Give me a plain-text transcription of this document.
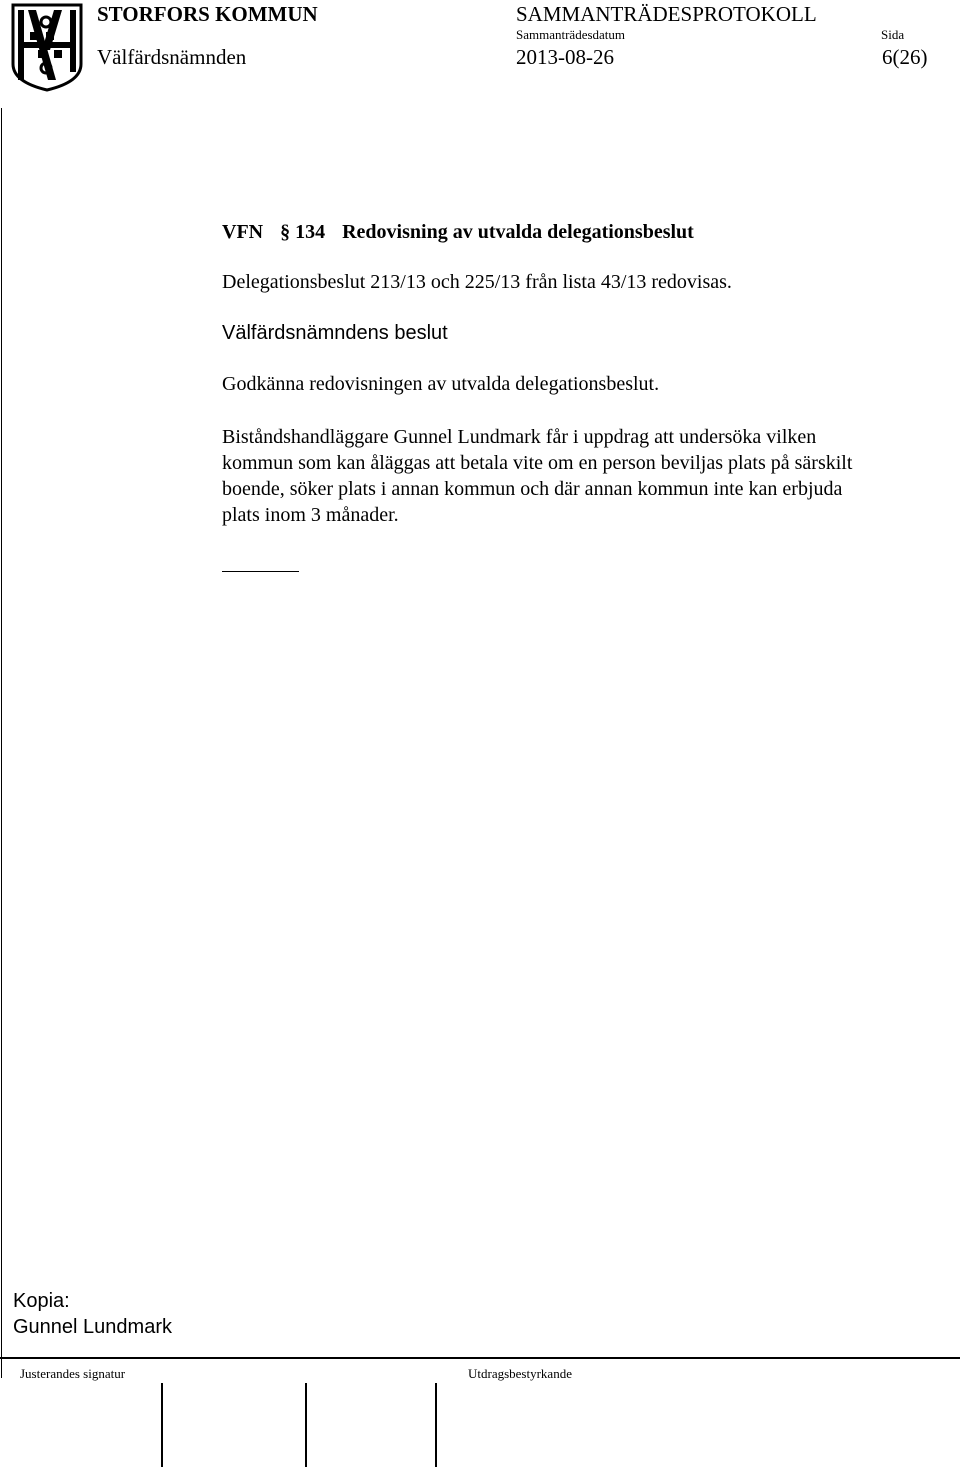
STORFORS KOMMUN	SAMMANTRÄDESPROTOKOLL
Sammanträdesdatum	Sida
Välfärdsnämnden	2013-08-26	6(26)
VFN § 134 Redovisning av utvalda delegationsbeslut
Delegationsbeslut 213/13 och 225/13 från lista 43/13 redovisas.
Välfärdsnämndens beslut
Godkänna redovisningen av utvalda delegationsbeslut.
Biståndshandläggare Gunnel Lundmark får i uppdrag att undersöka vilken
kommun som kan åläggas att betala vite om en person beviljas plats på särskilt
boende, söker plats i annan kommun och där annan kommun inte kan erbjuda
plats inom 3 månader.
Kopia:
Gunnel Lundmark
Justerandes signatur	Utdragsbestyrkande
